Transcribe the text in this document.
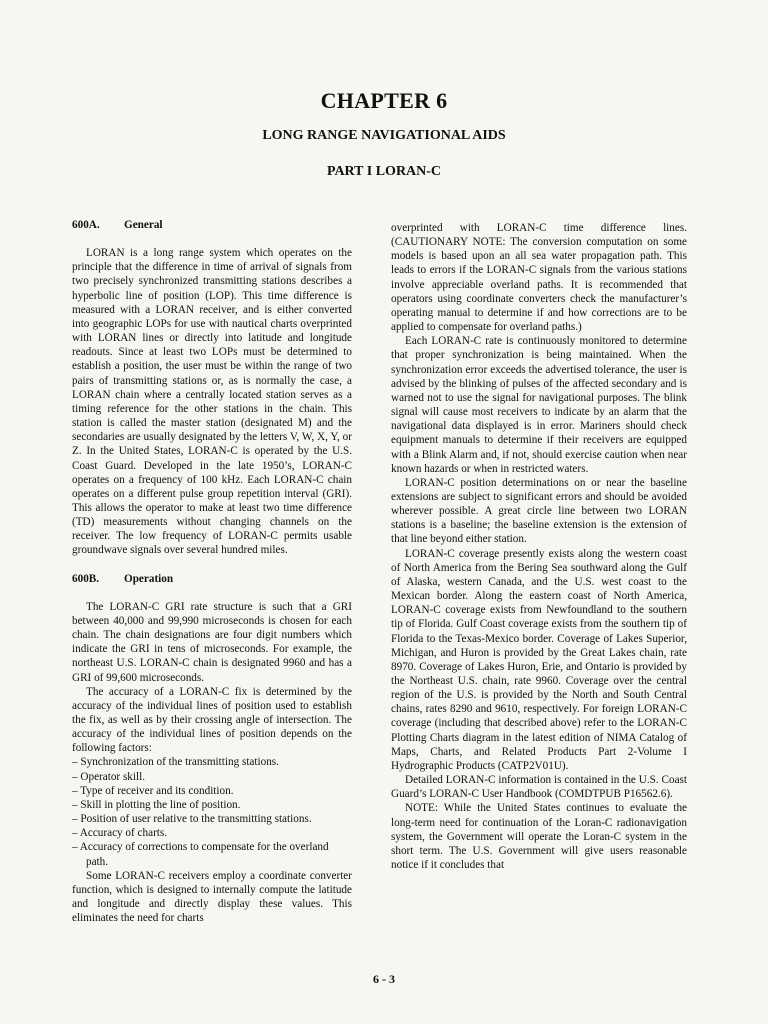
CHAPTER 6
LONG RANGE NAVIGATIONAL AIDS
PART I LORAN-C
600A. General

LORAN is a long range system which operates on the principle that the difference in time of arrival of signals from two precisely synchronized transmitting stations describes a hyperbolic line of position (LOP). This time difference is measured with a LORAN receiver, and is either converted into geographic LOPs for use with nautical charts overprinted with LORAN lines or directly into latitude and longitude readouts. Since at least two LOPs must be determined to establish a position, the user must be within the range of two pairs of transmitting stations or, as is normally the case, a LORAN chain where a centrally located station serves as a timing reference for the other stations in the chain. This station is called the master station (designated M) and the secondaries are usually designated by the letters V, W, X, Y, or Z. In the United States, LORAN-C is operated by the U.S. Coast Guard. Developed in the late 1950’s, LORAN-C operates on a frequency of 100 kHz. Each LORAN-C chain operates on a different pulse group repetition interval (GRI). This allows the operator to make at least two time difference (TD) measurements without changing channels on the receiver. The low frequency of LORAN-C permits usable groundwave signals over several hundred miles.

600B. Operation

The LORAN-C GRI rate structure is such that a GRI between 40,000 and 99,990 microseconds is chosen for each chain. The chain designations are four digit numbers which indicate the GRI in tens of microseconds. For example, the northeast U.S. LORAN-C chain is designated 9960 and has a GRI of 99,600 microseconds.

The accuracy of a LORAN-C fix is determined by the accuracy of the individual lines of position used to establish the fix, as well as by their crossing angle of intersection. The accuracy of the individual lines of position depends on the following factors:

– Synchronization of the transmitting stations.
– Operator skill.
– Type of receiver and its condition.
– Skill in plotting the line of position.
– Position of user relative to the transmitting stations.
– Accuracy of charts.
– Accuracy of corrections to compensate for the overland path.

Some LORAN-C receivers employ a coordinate converter function, which is designed to internally compute the latitude and longitude and directly display these values. This eliminates the need for charts

overprinted with LORAN-C time difference lines. (CAUTIONARY NOTE: The conversion computation on some models is based upon an all sea water propagation path. This leads to errors if the LORAN-C signals from the various stations involve appreciable overland paths. It is recommended that operators using coordinate converters check the manufacturer’s operating manual to determine if and how corrections are to be applied to compensate for overland paths.)

Each LORAN-C rate is continuously monitored to determine that proper synchronization is being maintained. When the synchronization error exceeds the advertised tolerance, the user is advised by the blinking of pulses of the affected secondary and is warned not to use the signal for navigational purposes. The blink signal will cause most receivers to indicate by an alarm that the navigational data displayed is in error. Mariners should check equipment manuals to determine if their receivers are equipped with a Blink Alarm and, if not, should exercise caution when near known hazards or when in restricted waters.

LORAN-C position determinations on or near the baseline extensions are subject to significant errors and should be avoided wherever possible. A great circle line between two LORAN stations is a baseline; the baseline extension is the extension of that line beyond either station.

LORAN-C coverage presently exists along the western coast of North America from the Bering Sea southward along the Gulf of Alaska, western Canada, and the U.S. west coast to the Mexican border. Along the eastern coast of North America, LORAN-C coverage exists from Newfoundland to the southern tip of Florida. Gulf Coast coverage exists from the southern tip of Florida to the Texas-Mexico border. Coverage of Lakes Superior, Michigan, and Huron is provided by the Great Lakes chain, rate 8970. Coverage of Lakes Huron, Erie, and Ontario is provided by the Northeast U.S. chain, rate 9960. Coverage over the central region of the U.S. is provided by the North and South Central chains, rates 8290 and 9610, respectively. For foreign LORAN-C coverage (including that described above) refer to the LORAN-C Plotting Charts diagram in the latest edition of NIMA Catalog of Maps, Charts, and Related Products Part 2-Volume I Hydrographic Products (CATP2V01U).

Detailed LORAN-C information is contained in the U.S. Coast Guard’s LORAN-C User Handbook (COMDTPUB P16562.6).

NOTE: While the United States continues to evaluate the long-term need for continuation of the Loran-C radionavigation system, the Government will operate the Loran-C system in the short term. The U.S. Government will give users reasonable notice if it concludes that

6 - 3
